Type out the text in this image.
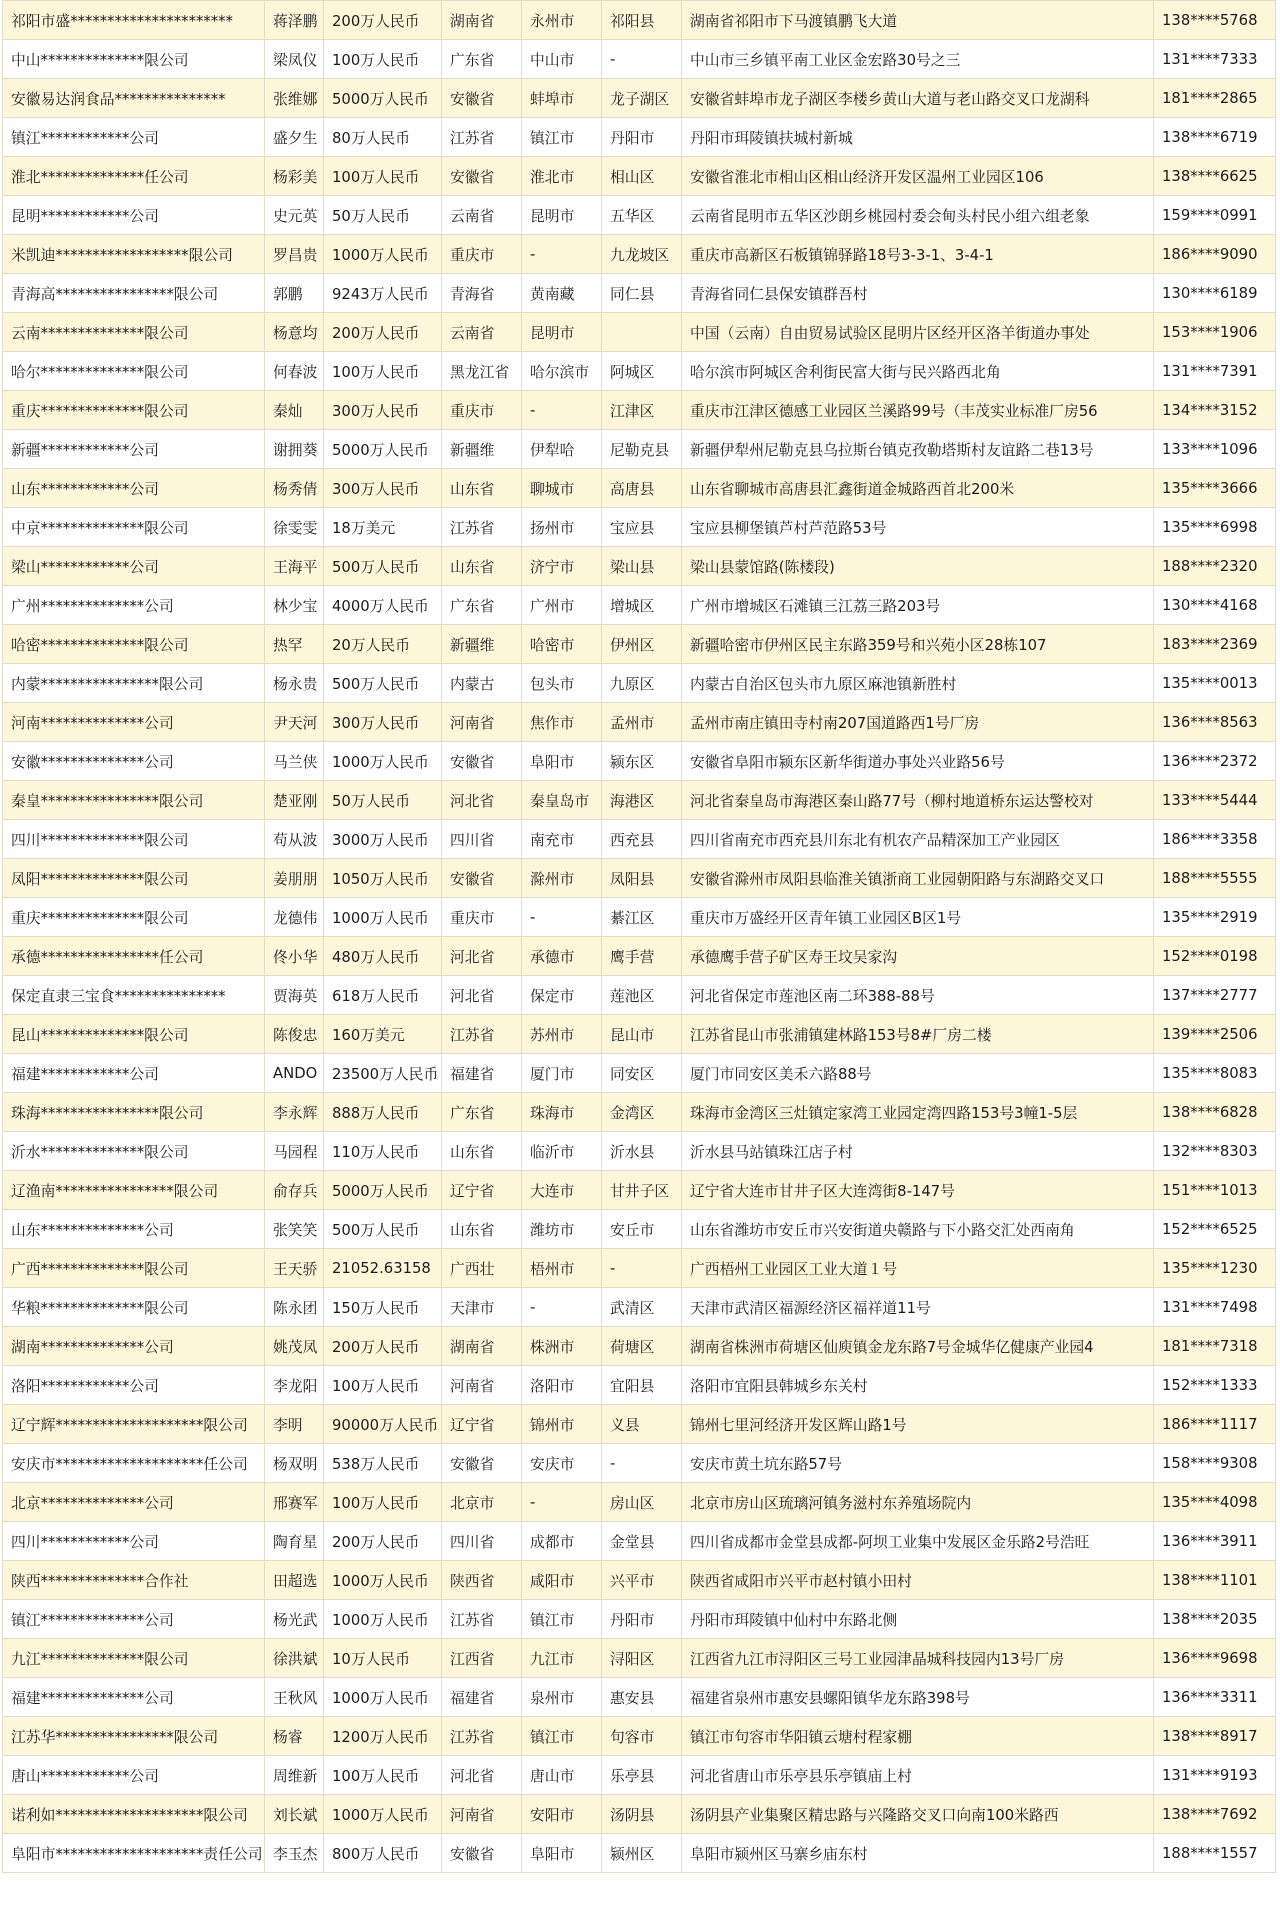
祁阳市盛**********************	蒋泽鹏	200万人民币	湖南省	永州市	祁阳县	湖南省祁阳市下马渡镇鹏飞大道	138****5768
中山**************限公司	梁凤仪	100万人民币	广东省	中山市	-	中山市三乡镇平南工业区金宏路30号之三	131****7333
安徽易达润食品***************	张维娜	5000万人民币	安徽省	蚌埠市	龙子湖区	安徽省蚌埠市龙子湖区李楼乡黄山大道与老山路交叉口龙湖科	181****2865
镇江************公司	盛夕生	80万人民币	江苏省	镇江市	丹阳市	丹阳市珥陵镇扶城村新城	138****6719
淮北**************任公司	杨彩美	100万人民币	安徽省	淮北市	相山区	安徽省淮北市相山区相山经济开发区温州工业园区106	138****6625
昆明************公司	史元英	50万人民币	云南省	昆明市	五华区	云南省昆明市五华区沙朗乡桃园村委会甸头村民小组六组老象	159****0991
米凯迪******************限公司	罗昌贵	1000万人民币	重庆市	-	九龙坡区	重庆市高新区石板镇锦驿路18号3-3-1、3-4-1	186****9090
青海高****************限公司	郭鹏	9243万人民币	青海省	黄南藏	同仁县	青海省同仁县保安镇群吾村	130****6189
云南**************限公司	杨意均	200万人民币	云南省	昆明市		中国（云南）自由贸易试验区昆明片区经开区洛羊街道办事处	153****1906
哈尔**************限公司	何春波	100万人民币	黑龙江省	哈尔滨市	阿城区	哈尔滨市阿城区舍利街民富大街与民兴路西北角	131****7391
重庆**************限公司	秦灿	300万人民币	重庆市	-	江津区	重庆市江津区德感工业园区兰溪路99号（丰茂实业标准厂房56	134****3152
新疆************公司	谢拥葵	5000万人民币	新疆维	伊犁哈	尼勒克县	新疆伊犁州尼勒克县乌拉斯台镇克孜勒塔斯村友谊路二巷13号	133****1096
山东************公司	杨秀倩	300万人民币	山东省	聊城市	高唐县	山东省聊城市高唐县汇鑫街道金城路西首北200米	135****3666
中京**************限公司	徐雯雯	18万美元	江苏省	扬州市	宝应县	宝应县柳堡镇芦村芦范路53号	135****6998
梁山************公司	王海平	500万人民币	山东省	济宁市	梁山县	梁山县蒙馆路(陈楼段)	188****2320
广州**************公司	林少宝	4000万人民币	广东省	广州市	增城区	广州市增城区石滩镇三江荔三路203号	130****4168
哈密**************限公司	热罕	20万人民币	新疆维	哈密市	伊州区	新疆哈密市伊州区民主东路359号和兴苑小区28栋107	183****2369
内蒙****************限公司	杨永贵	500万人民币	内蒙古	包头市	九原区	内蒙古自治区包头市九原区麻池镇新胜村	135****0013
河南**************公司	尹天河	300万人民币	河南省	焦作市	孟州市	孟州市南庄镇田寺村南207国道路西1号厂房	136****8563
安徽**************公司	马兰侠	1000万人民币	安徽省	阜阳市	颍东区	安徽省阜阳市颍东区新华街道办事处兴业路56号	136****2372
秦皇****************限公司	楚亚刚	50万人民币	河北省	秦皇岛市	海港区	河北省秦皇岛市海港区秦山路77号（柳村地道桥东运达警校对	133****5444
四川**************限公司	苟从波	3000万人民币	四川省	南充市	西充县	四川省南充市西充县川东北有机农产品精深加工产业园区	186****3358
凤阳**************限公司	姜朋朋	1050万人民币	安徽省	滁州市	凤阳县	安徽省滁州市凤阳县临淮关镇浙商工业园朝阳路与东湖路交叉口	188****5555
重庆**************限公司	龙德伟	1000万人民币	重庆市	-	綦江区	重庆市万盛经开区青年镇工业园区B区1号	135****2919
承德****************任公司	佟小华	480万人民币	河北省	承德市	鹰手营	承德鹰手营子矿区寿王坟吴家沟	152****0198
保定直隶三宝食***************	贾海英	618万人民币	河北省	保定市	莲池区	河北省保定市莲池区南二环388-88号	137****2777
昆山**************限公司	陈俊忠	160万美元	江苏省	苏州市	昆山市	江苏省昆山市张浦镇建林路153号8#厂房二楼	139****2506
福建************公司	ANDO	23500万人民币	福建省	厦门市	同安区	厦门市同安区美禾六路88号	135****8083
珠海****************限公司	李永辉	888万人民币	广东省	珠海市	金湾区	珠海市金湾区三灶镇定家湾工业园定湾四路153号3幢1-5层	138****6828
沂水**************限公司	马园程	110万人民币	山东省	临沂市	沂水县	沂水县马站镇珠江店子村	132****8303
辽渔南****************限公司	俞存兵	5000万人民币	辽宁省	大连市	甘井子区	辽宁省大连市甘井子区大连湾街8-147号	151****1013
山东**************公司	张笑笑	500万人民币	山东省	潍坊市	安丘市	山东省潍坊市安丘市兴安街道央赣路与下小路交汇处西南角	152****6525
广西**************限公司	王天骄	21052.63158	广西壮	梧州市	-	广西梧州工业园区工业大道１号	135****1230
华粮**************限公司	陈永团	150万人民币	天津市	-	武清区	天津市武清区福源经济区福祥道11号	131****7498
湖南**************公司	姚茂凤	200万人民币	湖南省	株洲市	荷塘区	湖南省株洲市荷塘区仙庾镇金龙东路7号金城华亿健康产业园4	181****7318
洛阳************公司	李龙阳	100万人民币	河南省	洛阳市	宜阳县	洛阳市宜阳县韩城乡东关村	152****1333
辽宁辉********************限公司	李明	90000万人民币	辽宁省	锦州市	义县	锦州七里河经济开发区辉山路1号	186****1117
安庆市********************任公司	杨双明	538万人民币	安徽省	安庆市	-	安庆市黄土坑东路57号	158****9308
北京**************公司	邢赛军	100万人民币	北京市	-	房山区	北京市房山区琉璃河镇务滋村东养殖场院内	135****4098
四川************公司	陶育星	200万人民币	四川省	成都市	金堂县	四川省成都市金堂县成都-阿坝工业集中发展区金乐路2号浩旺	136****3911
陕西**************合作社	田超选	1000万人民币	陕西省	咸阳市	兴平市	陕西省咸阳市兴平市赵村镇小田村	138****1101
镇江**************公司	杨光武	1000万人民币	江苏省	镇江市	丹阳市	丹阳市珥陵镇中仙村中东路北侧	138****2035
九江**************限公司	徐洪斌	10万人民币	江西省	九江市	浔阳区	江西省九江市浔阳区三号工业园津晶城科技园内13号厂房	136****9698
福建**************公司	王秋风	1000万人民币	福建省	泉州市	惠安县	福建省泉州市惠安县螺阳镇华龙东路398号	136****3311
江苏华****************限公司	杨睿	1200万人民币	江苏省	镇江市	句容市	镇江市句容市华阳镇云塘村程家棚	138****8917
唐山************公司	周维新	100万人民币	河北省	唐山市	乐亭县	河北省唐山市乐亭县乐亭镇庙上村	131****9193
诺利如********************限公司	刘长斌	1000万人民币	河南省	安阳市	汤阴县	汤阴县产业集聚区精忠路与兴隆路交叉口向南100米路西	138****7692
阜阳市********************责任公司	李玉杰	800万人民币	安徽省	阜阳市	颍州区	阜阳市颍州区马寨乡庙东村	188****1557
